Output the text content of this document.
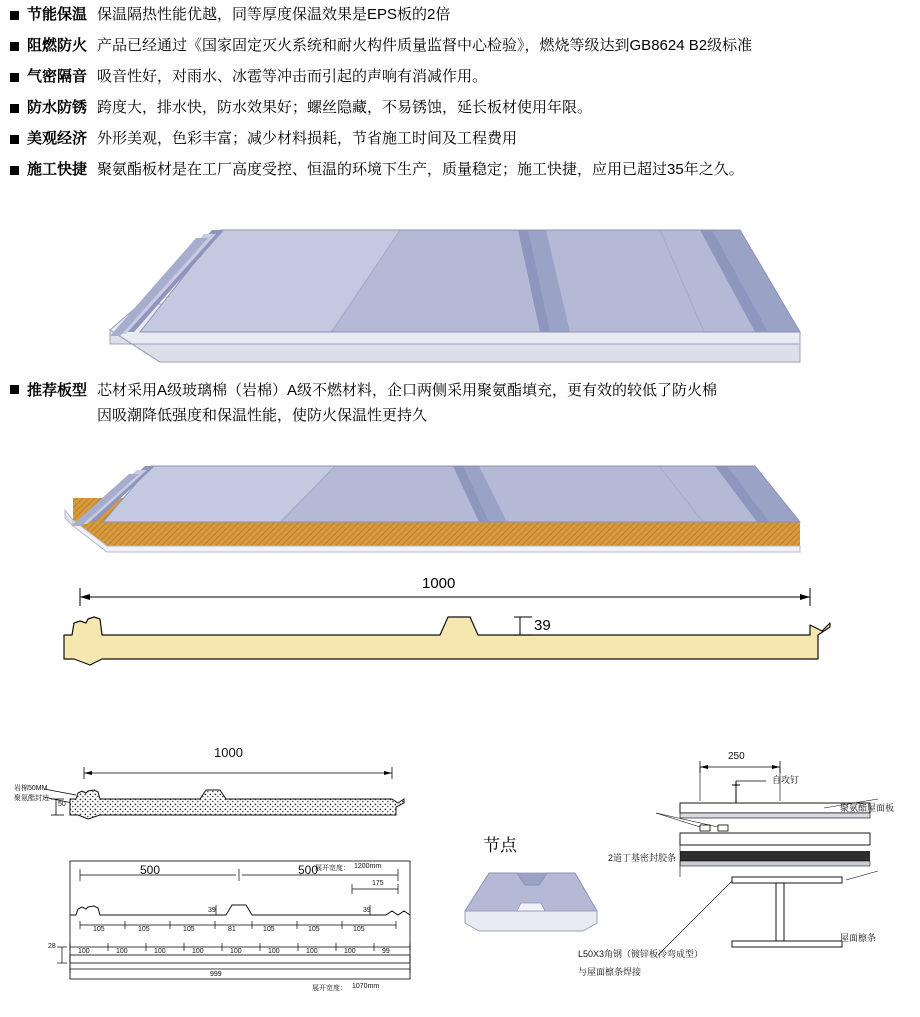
节能保温 保温隔热性能优越，同等厚度保温效果是EPS板的2倍
阻燃防火 产品已经通过《国家固定灭火系统和耐火构件质量监督中心检验》，燃烧等级达到GB8624 B2级标准
气密隔音 吸音性好，对雨水、冰雹等冲击而引起的声响有消减作用。
防水防锈 跨度大，排水快，防水效果好；螺丝隐藏，不易锈蚀，延长板材使用年限。
美观经济 外形美观，色彩丰富；减少材料损耗，节省施工时间及工程费用
施工快捷 聚氨酯板材是在工厂高度受控、恒温的环境下生产，质量稳定；施工快捷，应用已超过35年之久。
推荐板型 芯材采用A级玻璃棉（岩棉）A级不燃材料，企口两侧采用聚氨酯填充，更有效的较低了防火棉
因吸潮降低强度和保温性能，使防火保温性更持久
1000
39
1000
岩棉50MM
聚氨酯封边
50
500	500
展开宽度： 1200mm
175
39	39
28
105	105	105	81	105	105	105
100	100	100	100	100	100	100	100	99
999
展开宽度： 1070mm
节点
250
自攻钉
聚氨酯屋面板
2道丁基密封胶条
屋面檩条
L50X3角钢（镀锌板冷弯成型）
与屋面檩条焊接
